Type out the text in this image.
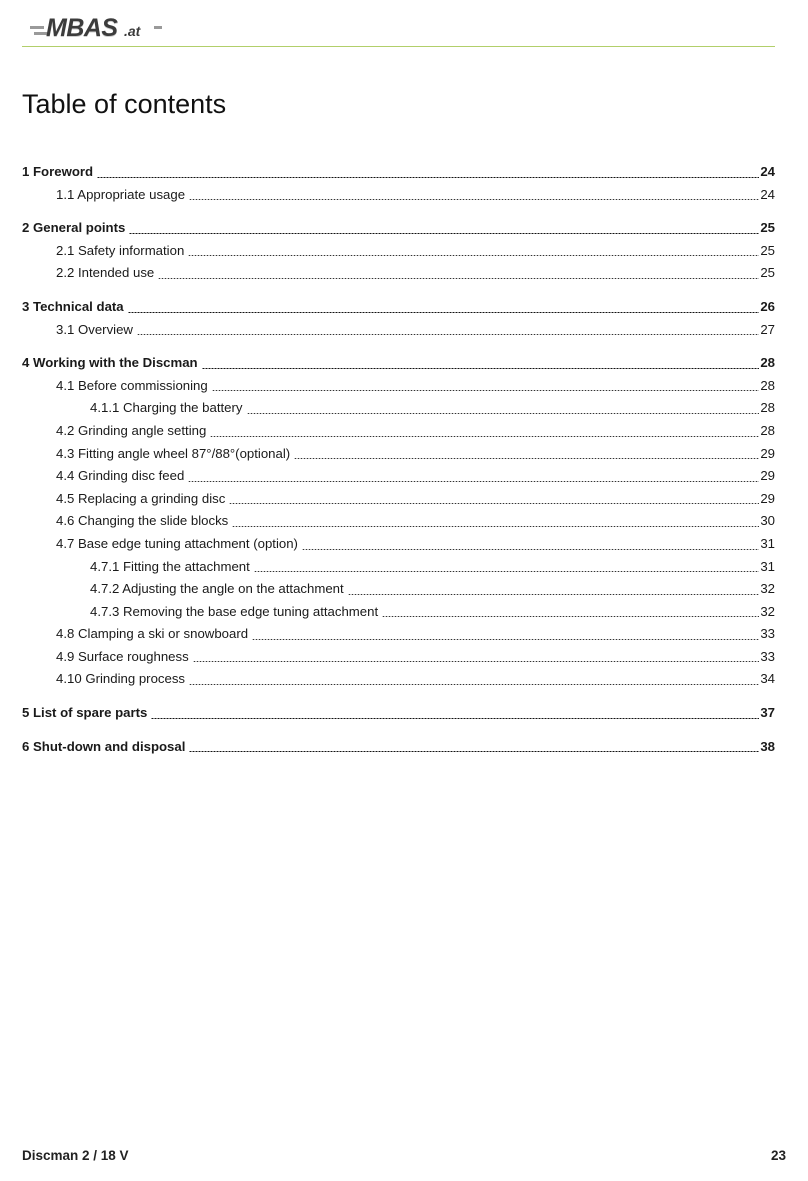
MBAS .at
Table of contents
1 Foreword	24
1.1 Appropriate usage	24
2 General points	25
2.1 Safety information	25
2.2 Intended use	25
3 Technical data	26
3.1 Overview	27
4 Working with the Discman	28
4.1 Before commissioning	28
4.1.1 Charging the battery	28
4.2 Grinding angle setting	28
4.3 Fitting angle wheel 87°/88°(optional)	29
4.4 Grinding disc feed	29
4.5 Replacing a grinding disc	29
4.6 Changing the slide blocks	30
4.7 Base edge tuning attachment (option)	31
4.7.1 Fitting the attachment	31
4.7.2 Adjusting the angle on the attachment	32
4.7.3 Removing the base edge tuning attachment	32
4.8 Clamping a ski or snowboard	33
4.9 Surface roughness	33
4.10 Grinding process	34
5 List of spare parts	37
6 Shut-down and disposal	38
Discman 2 / 18 V	23
